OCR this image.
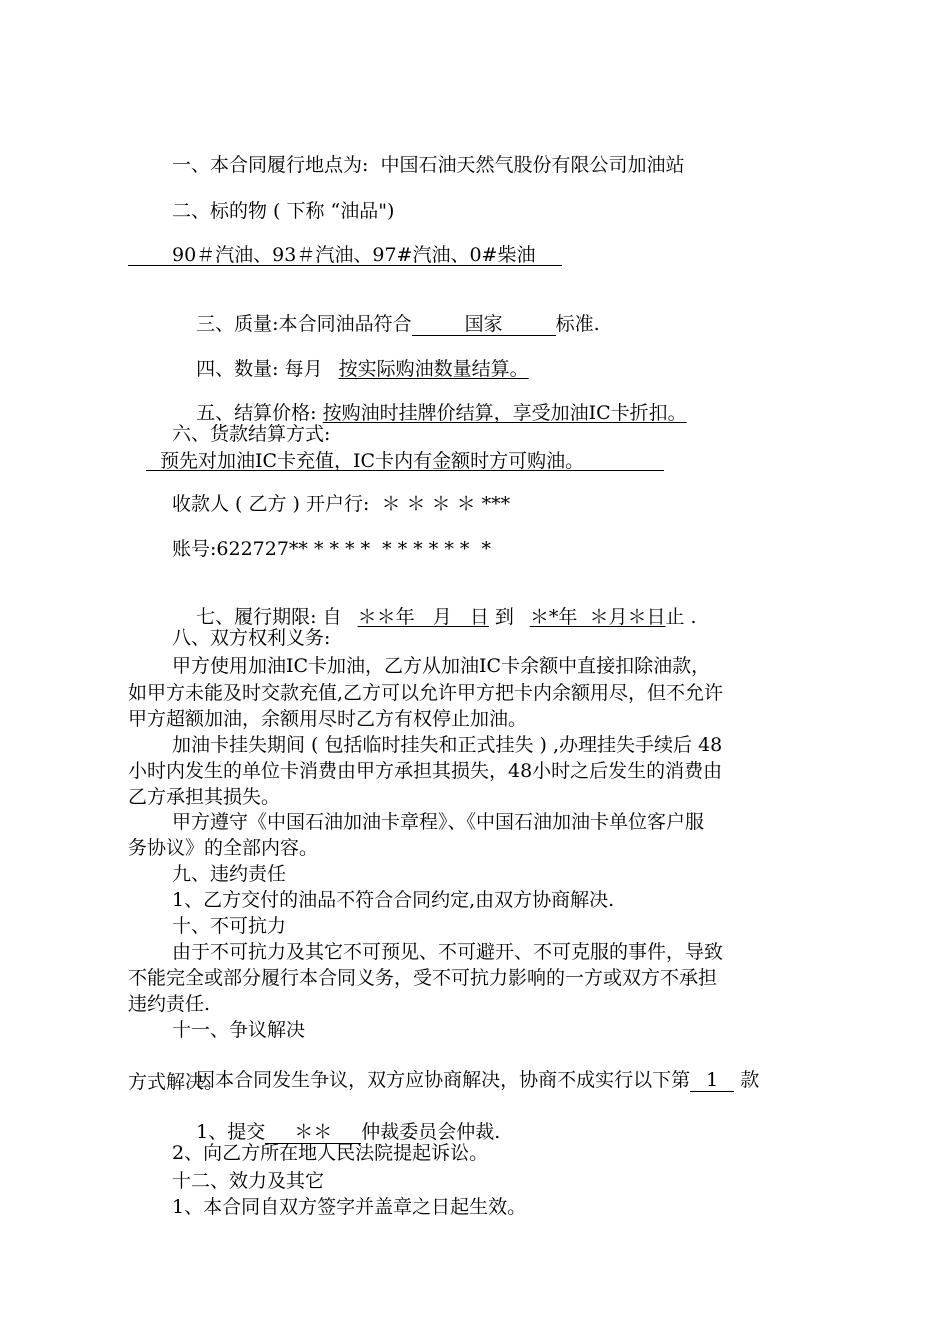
一、本合同履行地点为:  中国石油天然气股份有限公司加油站
二、标的物 ( 下称 “油品")
90＃汽油、93＃汽油、97#汽油、0#柴油

三、质量:本合同油品符合	国家	标准.

四、数量: 每月 按实际购油数量结算。

五、结算价格: 按购油时挂牌价结算，享受加油IC卡折扣。

六、货款结算方式:
预先对加油IC卡充值，IC卡内有金额时方可购油。
收款人 ( 乙方 ) 开户行:  ＊ ＊ ＊ ＊ ***
账号:622727** * * * *  * * * * * *  *

七、履行期限: 自 ＊＊年   月   日 到 ＊*年  ＊月＊日止 .

八、双方权利义务:
甲方使用加油IC卡加油，乙方从加油IC卡余额中直接扣除油款，
如甲方未能及时交款充值,乙方可以允许甲方把卡内余额用尽，但不允许
甲方超额加油，余额用尽时乙方有权停止加油。
加油卡挂失期间 ( 包括临时挂失和正式挂失 ) ,办理挂失手续后 48
小时内发生的单位卡消费由甲方承担其损失，48小时之后发生的消费由
乙方承担其损失。
甲方遵守《中国石油加油卡章程》、《中国石油加油卡单位客户服
务协议》的全部内容。
九、违约责任
1、乙方交付的油品不符合合同约定,由双方协商解决.
十、不可抗力
由于不可抗力及其它不可预见、不可避开、不可克服的事件，导致
不能完全或部分履行本合同义务，受不可抗力影响的一方或双方不承担
违约责任.
十一、争议解决

因本合同发生争议，双方应协商解决，协商不成实行以下第 1 款

方式解决。

1、提交 ＊＊ 仲裁委员会仲裁.

2、向乙方所在地人民法院提起诉讼。
十二、效力及其它
1、本合同自双方签字并盖章之日起生效。
